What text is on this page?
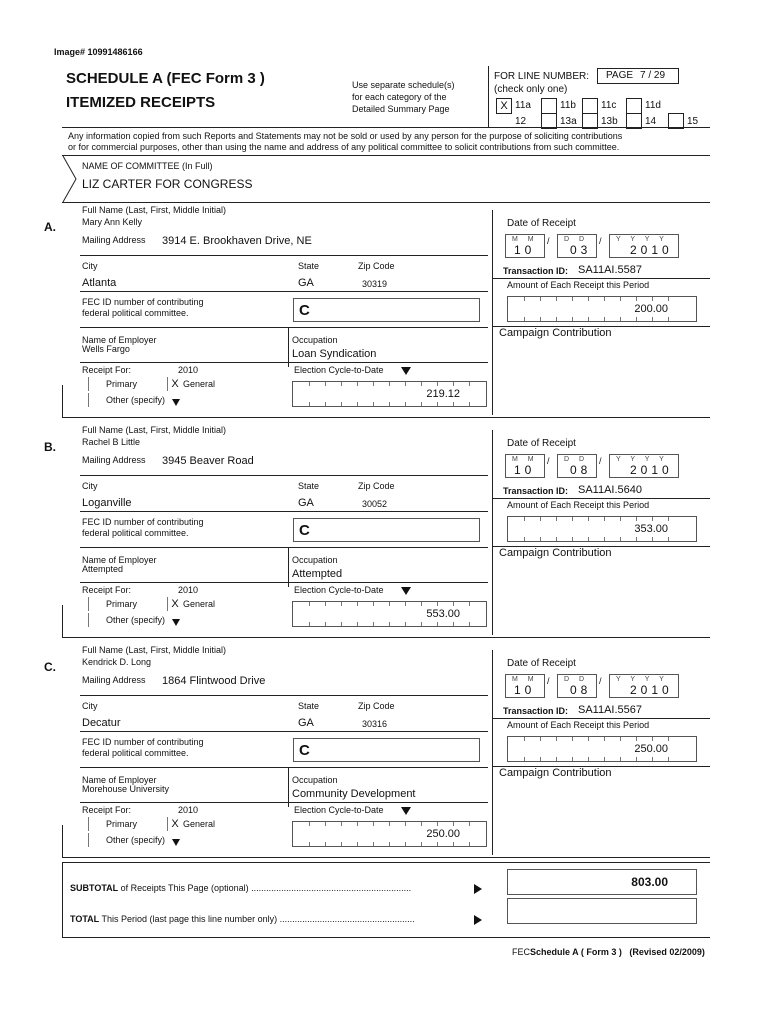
Image# 10991486166
SCHEDULE A (FEC Form 3 )
ITEMIZED RECEIPTS
Use separate schedule(s)
for each category of the
Detailed Summary Page
FOR LINE NUMBER: PAGE 7 / 29
(check only one)
X 11a	11b	11c	11d
12	13a 13b	14	15
Any information copied from such Reports and Statements may not be sold or used by any person for the purpose of soliciting contributions
or for commercial purposes, other than using the name and address of any political committee to solicit contributions from such committee.
NAME OF COMMITTEE (In Full)
LIZ CARTER FOR CONGRESS
A.
Full Name (Last, First, Middle Initial)
Mary Ann Kelly
Mailing Address 3914 E. Brookhaven Drive, NE
City	State	Zip Code
Atlanta	GA	30319
FEC ID number of contributing
federal political committee.	C
Name of Employer
Wells Fargo
Occupation
Loan Syndication
Receipt For:	2010
Primary	X General
Other (specify)
Election Cycle-to-Date
219.12
Date of Receipt
M M
10
/ D D
03
/ Y Y Y Y
2010
Transaction ID: SA11AI.5587
Amount of Each Receipt this Period
200.00
Campaign Contribution
B.
Full Name (Last, First, Middle Initial)
Rachel B Little
Mailing Address 3945 Beaver Road
City	State	Zip Code
Loganville	GA	30052
FEC ID number of contributing
federal political committee.	C
Name of Employer
Attempted
Occupation
Attempted
Receipt For:	2010
Primary	X General
Other (specify)
Election Cycle-to-Date
553.00
Date of Receipt
M M
10
/ D D
08
/ Y Y Y Y
2010
Transaction ID: SA11AI.5640
Amount of Each Receipt this Period
353.00
Campaign Contribution
C.
Full Name (Last, First, Middle Initial)
Kendrick D. Long
Mailing Address 1864 Flintwood Drive
City	State	Zip Code
Decatur	GA	30316
FEC ID number of contributing
federal political committee.	C
Name of Employer
Morehouse University
Occupation
Community Development
Receipt For:	2010
Primary	X General
Other (specify)
Election Cycle-to-Date
250.00
Date of Receipt
M M
10
/ D D
08
/ Y Y Y Y
2010
Transaction ID: SA11AI.5567
Amount of Each Receipt this Period
250.00
Campaign Contribution
SUBTOTAL of Receipts This Page (optional) ................................................................	803.00
TOTAL This Period (last page this line number only) ......................................................
FECSchedule A ( Form 3 ) (Revised 02/2009)
